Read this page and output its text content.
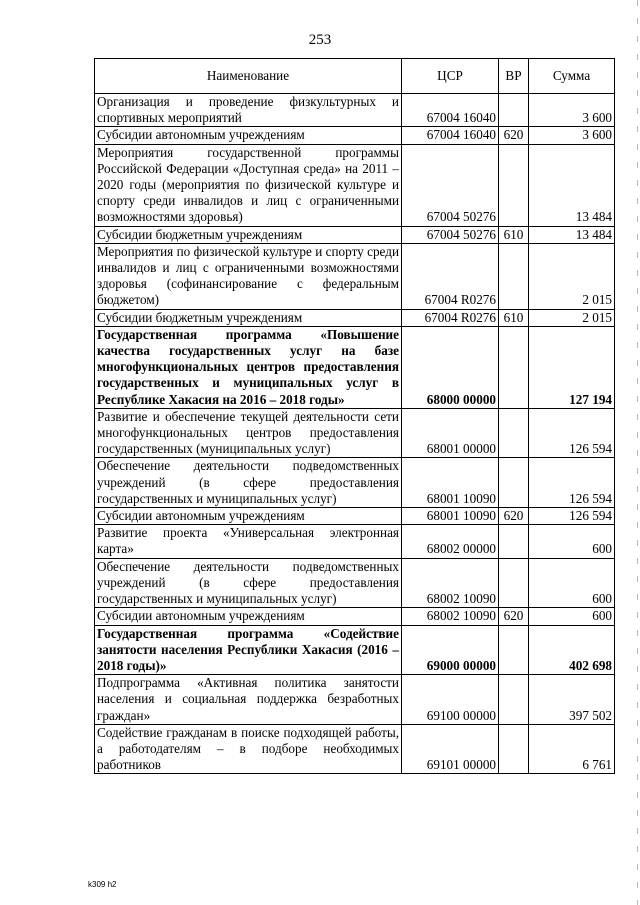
253
Наименование	ЦСР	ВР	Сумма
Организация и проведение физкультурных и спортивных мероприятий	67004 16040		3 600
Субсидии автономным учреждениям	67004 16040	620	3 600
Мероприятия государственной программы Российской Федерации «Доступная среда» на 2011 – 2020 годы (мероприятия по физической культуре и спорту среди инвалидов и лиц с ограниченными возможностями здоровья)	67004 50276		13 484
Субсидии бюджетным учреждениям	67004 50276	610	13 484
Мероприятия по физической культуре и спорту среди инвалидов и лиц с ограниченными возможностями здоровья (софинансирование с федеральным бюджетом)	67004 R0276		2 015
Субсидии бюджетным учреждениям	67004 R0276	610	2 015
Государственная программа «Повышение качества государственных услуг на базе многофункциональных центров предоставления государственных и муниципальных услуг в Республике Хакасия на 2016 – 2018 годы»	68000 00000		127 194
Развитие и обеспечение текущей деятельности сети многофункциональных центров предоставления государственных (муниципальных услуг)	68001 00000		126 594
Обеспечение деятельности подведомственных учреждений (в сфере предоставления государственных и муниципальных услуг)	68001 10090		126 594
Субсидии автономным учреждениям	68001 10090	620	126 594
Развитие проекта «Универсальная электронная карта»	68002 00000		600
Обеспечение деятельности подведомственных учреждений (в сфере предоставления государственных и муниципальных услуг)	68002 10090		600
Субсидии автономным учреждениям	68002 10090	620	600
Государственная программа «Содействие занятости населения Республики Хакасия (2016 – 2018 годы)»	69000 00000		402 698
Подпрограмма «Активная политика занятости населения и социальная поддержка безработных граждан»	69100 00000		397 502
Содействие гражданам в поиске подходящей работы, а работодателям – в подборе необходимых работников	69101 00000		6 761
k309 h2
